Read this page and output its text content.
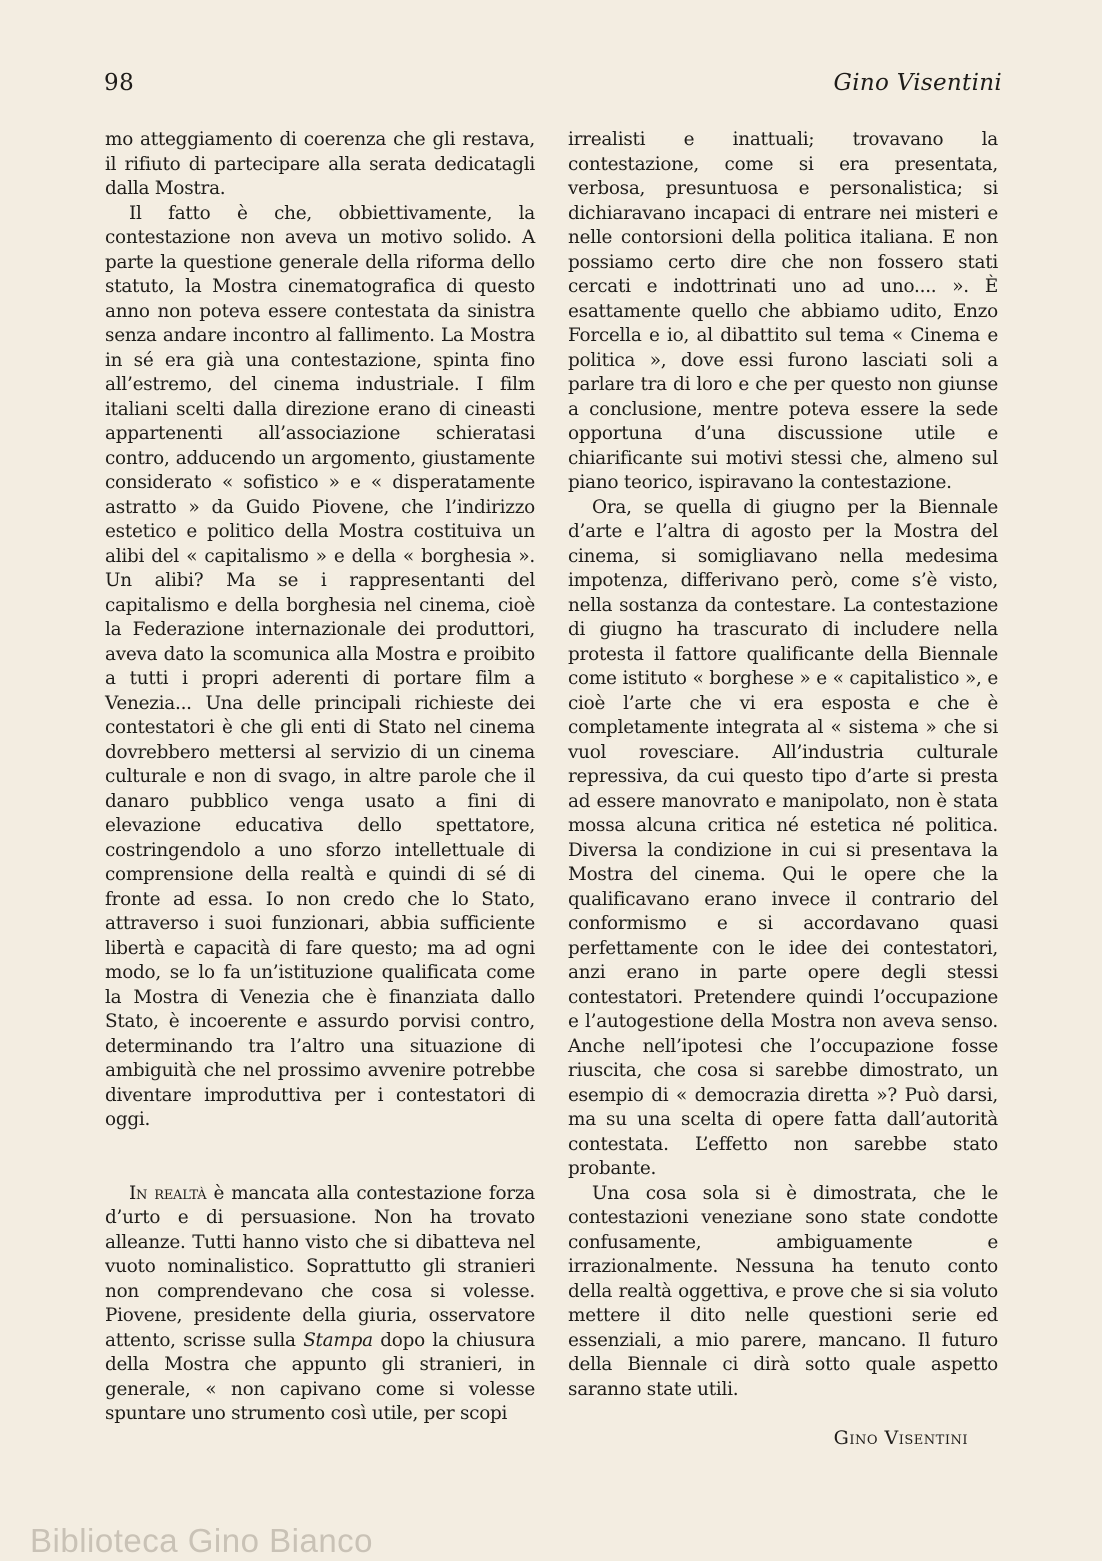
98	Gino Visentini

mo atteggiamento di coerenza che gli restava, il rifiuto di partecipare alla serata dedicatagli dalla Mostra.

Il fatto è che, obbiettivamente, la contestazione non aveva un motivo solido. A parte la questione generale della riforma dello statuto, la Mostra cinematografica di questo anno non poteva essere contestata da sinistra senza andare incontro al fallimento. La Mostra in sé era già una contestazione, spinta fino all’estremo, del cinema industriale. I film italiani scelti dalla direzione erano di cineasti appartenenti all’associazione schieratasi contro, adducendo un argomento, giustamente considerato « sofistico » e « disperatamente astratto » da Guido Piovene, che l’indirizzo estetico e politico della Mostra costituiva un alibi del « capitalismo » e della « borghesia ». Un alibi? Ma se i rappresentanti del capitalismo e della borghesia nel cinema, cioè la Federazione internazionale dei produttori, aveva dato la scomunica alla Mostra e proibito a tutti i propri aderenti di portare film a Venezia... Una delle principali richieste dei contestatori è che gli enti di Stato nel cinema dovrebbero mettersi al servizio di un cinema culturale e non di svago, in altre parole che il danaro pubblico venga usato a fini di elevazione educativa dello spettatore, costringendolo a uno sforzo intellettuale di comprensione della realtà e quindi di sé di fronte ad essa. Io non credo che lo Stato, attraverso i suoi funzionari, abbia sufficiente libertà e capacità di fare questo; ma ad ogni modo, se lo fa un’istituzione qualificata come la Mostra di Venezia che è finanziata dallo Stato, è incoerente e assurdo porvisi contro, determinando tra l’altro una situazione di ambiguità che nel prossimo avvenire potrebbe diventare improduttiva per i contestatori di oggi.

In realtà è mancata alla contestazione forza d’urto e di persuasione. Non ha trovato alleanze. Tutti hanno visto che si dibatteva nel vuoto nominalistico. Soprattutto gli stranieri non comprendevano che cosa si volesse. Piovene, presidente della giuria, osservatore attento, scrisse sulla Stampa dopo la chiusura della Mostra che appunto gli stranieri, in generale, « non capivano come si volesse spuntare uno strumento così utile, per scopi

irrealisti e inattuali; trovavano la contestazione, come si era presentata, verbosa, presuntuosa e personalistica; si dichiaravano incapaci di entrare nei misteri e nelle contorsioni della politica italiana. E non possiamo certo dire che non fossero stati cercati e indottrinati uno ad uno.... ». È esattamente quello che abbiamo udito, Enzo Forcella e io, al dibattito sul tema « Cinema e politica », dove essi furono lasciati soli a parlare tra di loro e che per questo non giunse a conclusione, mentre poteva essere la sede opportuna d’una discussione utile e chiarificante sui motivi stessi che, almeno sul piano teorico, ispiravano la contestazione.

Ora, se quella di giugno per la Biennale d’arte e l’altra di agosto per la Mostra del cinema, si somigliavano nella medesima impotenza, differivano però, come s’è visto, nella sostanza da contestare. La contestazione di giugno ha trascurato di includere nella protesta il fattore qualificante della Biennale come istituto « borghese » e « capitalistico », e cioè l’arte che vi era esposta e che è completamente integrata al « sistema » che si vuol rovesciare. All’industria culturale repressiva, da cui questo tipo d’arte si presta ad essere manovrato e manipolato, non è stata mossa alcuna critica né estetica né politica. Diversa la condizione in cui si presentava la Mostra del cinema. Qui le opere che la qualificavano erano invece il contrario del conformismo e si accordavano quasi perfettamente con le idee dei contestatori, anzi erano in parte opere degli stessi contestatori. Pretendere quindi l’occupazione e l’autogestione della Mostra non aveva senso. Anche nell’ipotesi che l’occupazione fosse riuscita, che cosa si sarebbe dimostrato, un esempio di « democrazia diretta »? Può darsi, ma su una scelta di opere fatta dall’autorità contestata. L’effetto non sarebbe stato probante.

Una cosa sola si è dimostrata, che le contestazioni veneziane sono state condotte confusamente, ambiguamente e irrazionalmente. Nessuna ha tenuto conto della realtà oggettiva, e prove che si sia voluto mettere il dito nelle questioni serie ed essenziali, a mio parere, mancano. Il futuro della Biennale ci dirà sotto quale aspetto saranno state utili.

Gino Visentini
Biblioteca Gino Bianco
